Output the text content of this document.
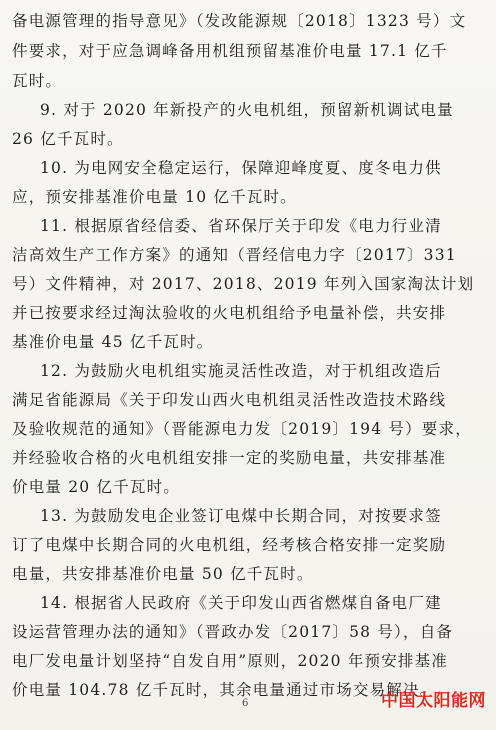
备电源管理的指导意见》（发改能源规〔2018〕1323 号）文
件要求，对于应急调峰备用机组预留基准价电量 17.1 亿千
瓦时。
9. 对于 2020 年新投产的火电机组，预留新机调试电量
26 亿千瓦时。
10. 为电网安全稳定运行，保障迎峰度夏、度冬电力供
应，预安排基准价电量 10 亿千瓦时。
11. 根据原省经信委、省环保厅关于印发《电力行业清
洁高效生产工作方案》的通知（晋经信电力字〔2017〕331
号）文件精神，对 2017、2018、2019 年列入国家淘汰计划
并已按要求经过淘汰验收的火电机组给予电量补偿，共安排
基准价电量 45 亿千瓦时。
12. 为鼓励火电机组实施灵活性改造，对于机组改造后
满足省能源局《关于印发山西火电机组灵活性改造技术路线
及验收规范的通知》（晋能源电力发〔2019〕194 号）要求，
并经验收合格的火电机组安排一定的奖励电量，共安排基准
价电量 20 亿千瓦时。
13. 为鼓励发电企业签订电煤中长期合同，对按要求签
订了电煤中长期合同的火电机组，经考核合格安排一定奖励
电量，共安排基准价电量 50 亿千瓦时。
14. 根据省人民政府《关于印发山西省燃煤自备电厂建
设运营管理办法的通知》（晋政办发〔2017〕58 号），自备
电厂发电量计划坚持“自发自用”原则，2020 年预安排基准
价电量 104.78 亿千瓦时，其余电量通过市场交易解决。
6	中国太阳能网
